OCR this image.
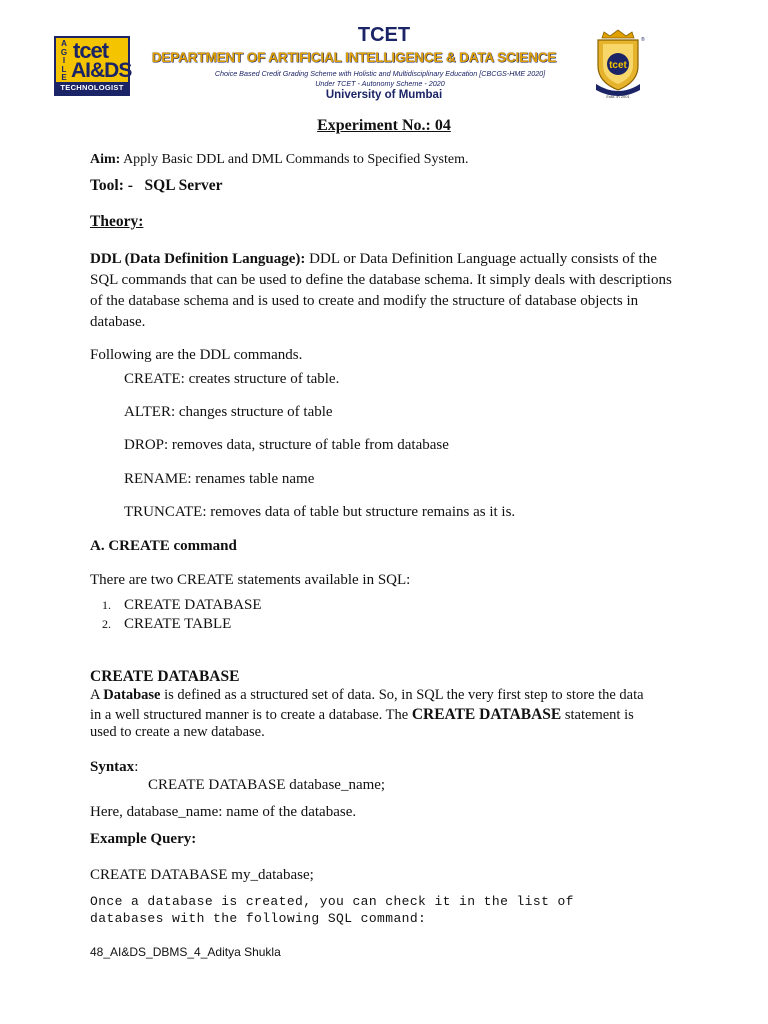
A
G
I
L
E
tcet
AI&DS
TECHNOLOGIST
TCET
DEPARTMENT OF ARTIFICIAL INTELLIGENCE & DATA SCIENCE
Choice Based Credit Grading Scheme with Holistic and Multidisciplinary Education [CBCGS-HME 2020]
Under TCET - Autonomy Scheme - 2020
University of Mumbai
tcet
Estd. in 2001
®
Experiment No.: 04
Aim: Apply Basic DDL and DML Commands to Specified System.
Tool: -   SQL Server
Theory:
DDL (Data Definition Language): DDL or Data Definition Language actually consists of the
SQL commands that can be used to define the database schema. It simply deals with descriptions
of the database schema and is used to create and modify the structure of database objects in
database.
Following are the DDL commands.
CREATE: creates structure of table.
ALTER: changes structure of table
DROP: removes data, structure of table from database
RENAME: renames table name
TRUNCATE: removes data of table but structure remains as it is.
A. CREATE command
There are two CREATE statements available in SQL:
1. CREATE DATABASE
2. CREATE TABLE
CREATE DATABASE
A Database is defined as a structured set of data. So, in SQL the very first step to store the data
in a well structured manner is to create a database. The CREATE DATABASE statement is
used to create a new database.
Syntax:
CREATE DATABASE database_name;
Here, database_name: name of the database.
Example Query:
CREATE DATABASE my_database;
Once a database is created, you can check it in the list of
databases with the following SQL command:
48_AI&DS_DBMS_4_Aditya Shukla
